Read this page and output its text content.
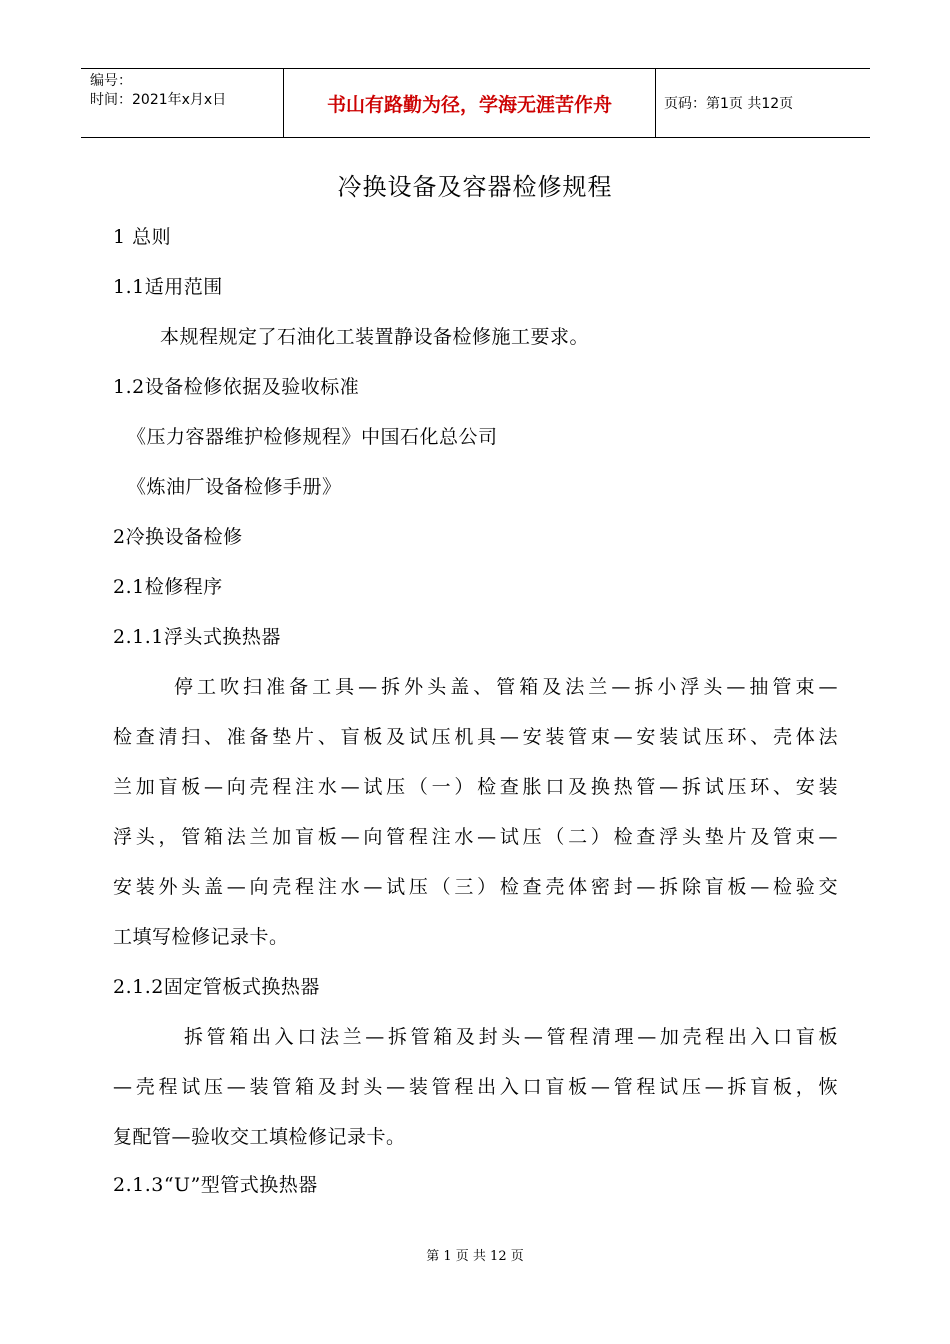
编号：
时间：2021年x月x日	书山有路勤为径，学海无涯苦作舟	页码：第1页 共12页
冷换设备及容器检修规程
1 总则
1.1适用范围
本规程规定了石油化工装置静设备检修施工要求。
1.2设备检修依据及验收标准
《压力容器维护检修规程》中国石化总公司
《炼油厂设备检修手册》
2冷换设备检修
2.1检修程序
2.1.1浮头式换热器
停工吹扫准备工具—拆外头盖、管箱及法兰—拆小浮头—抽管束—
检查清扫、准备垫片、盲板及试压机具—安装管束—安装试压环、壳体法
兰加盲板—向壳程注水—试压（一）检查胀口及换热管—拆试压环、安装
浮头，管箱法兰加盲板—向管程注水—试压（二）检查浮头垫片及管束—
安装外头盖—向壳程注水—试压（三）检查壳体密封—拆除盲板—检验交
工填写检修记录卡。
2.1.2固定管板式换热器
拆管箱出入口法兰—拆管箱及封头—管程清理—加壳程出入口盲板
—壳程试压—装管箱及封头—装管程出入口盲板—管程试压—拆盲板，恢
复配管—验收交工填检修记录卡。
2.1.3“U”型管式换热器
第 1 页 共 12 页
